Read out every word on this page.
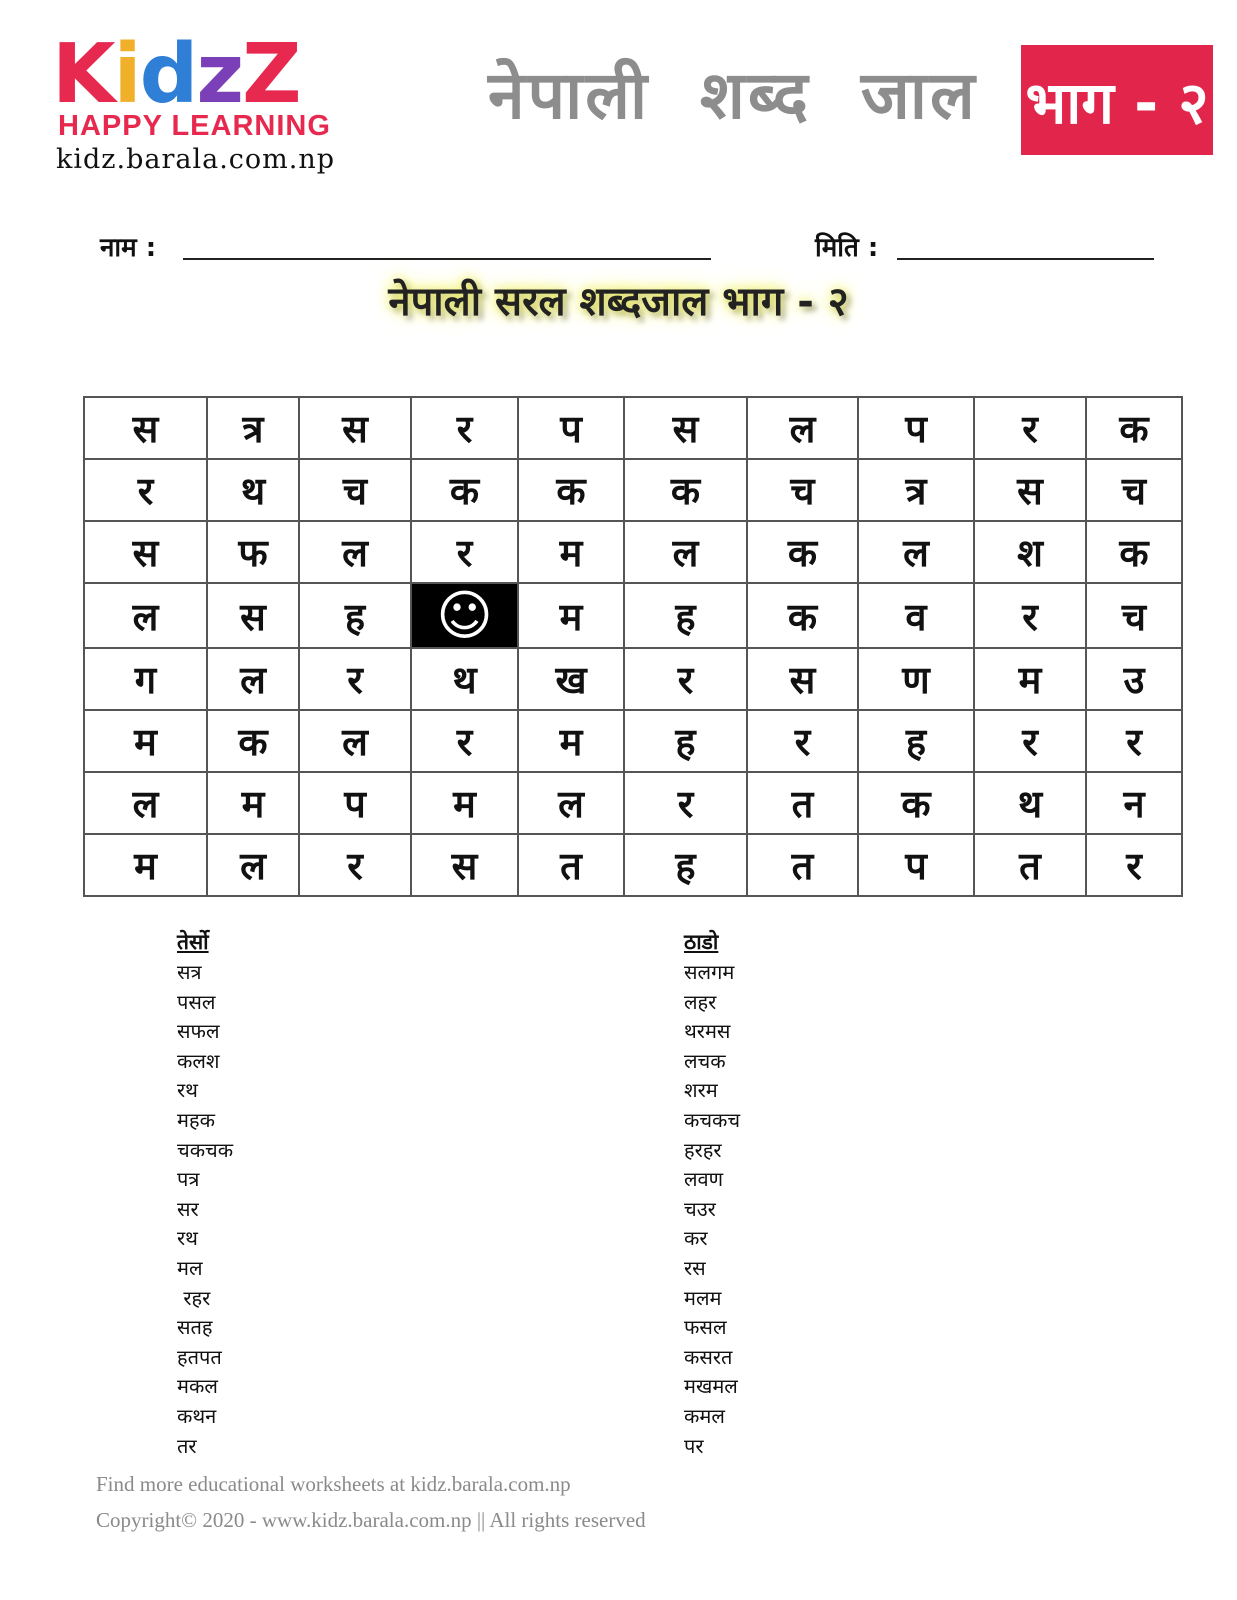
KidzZ
HAPPY LEARNING
kidz.barala.com.np
नेपाली शब्द जाल भाग - २
नाम :	मिति :
नेपाली सरल शब्दजाल भाग - २
स	त्र	स	र	प	स	ल	प	र	क
र	थ	च	क	क	क	च	त्र	स	च
स	फ	ल	र	म	ल	क	ल	श	क
ल	स	ह	☺	म	ह	क	व	र	च
ग	ल	र	थ	ख	र	स	ण	म	उ
म	क	ल	र	म	ह	र	ह	र	र
ल	म	प	म	ल	र	त	क	थ	न
म	ल	र	स	त	ह	त	प	त	र
तेर्सो
सत्र
पसल
सफल
कलश
रथ
महक
चकचक
पत्र
सर
रथ
मल
रहर
सतह
हतपत
मकल
कथन
तर
ठाडो
सलगम
लहर
थरमस
लचक
शरम
कचकच
हरहर
लवण
चउर
कर
रस
मलम
फसल
कसरत
मखमल
कमल
पर
Find more educational worksheets at kidz.barala.com.np
Copyright© 2020 - www.kidz.barala.com.np || All rights reserved
